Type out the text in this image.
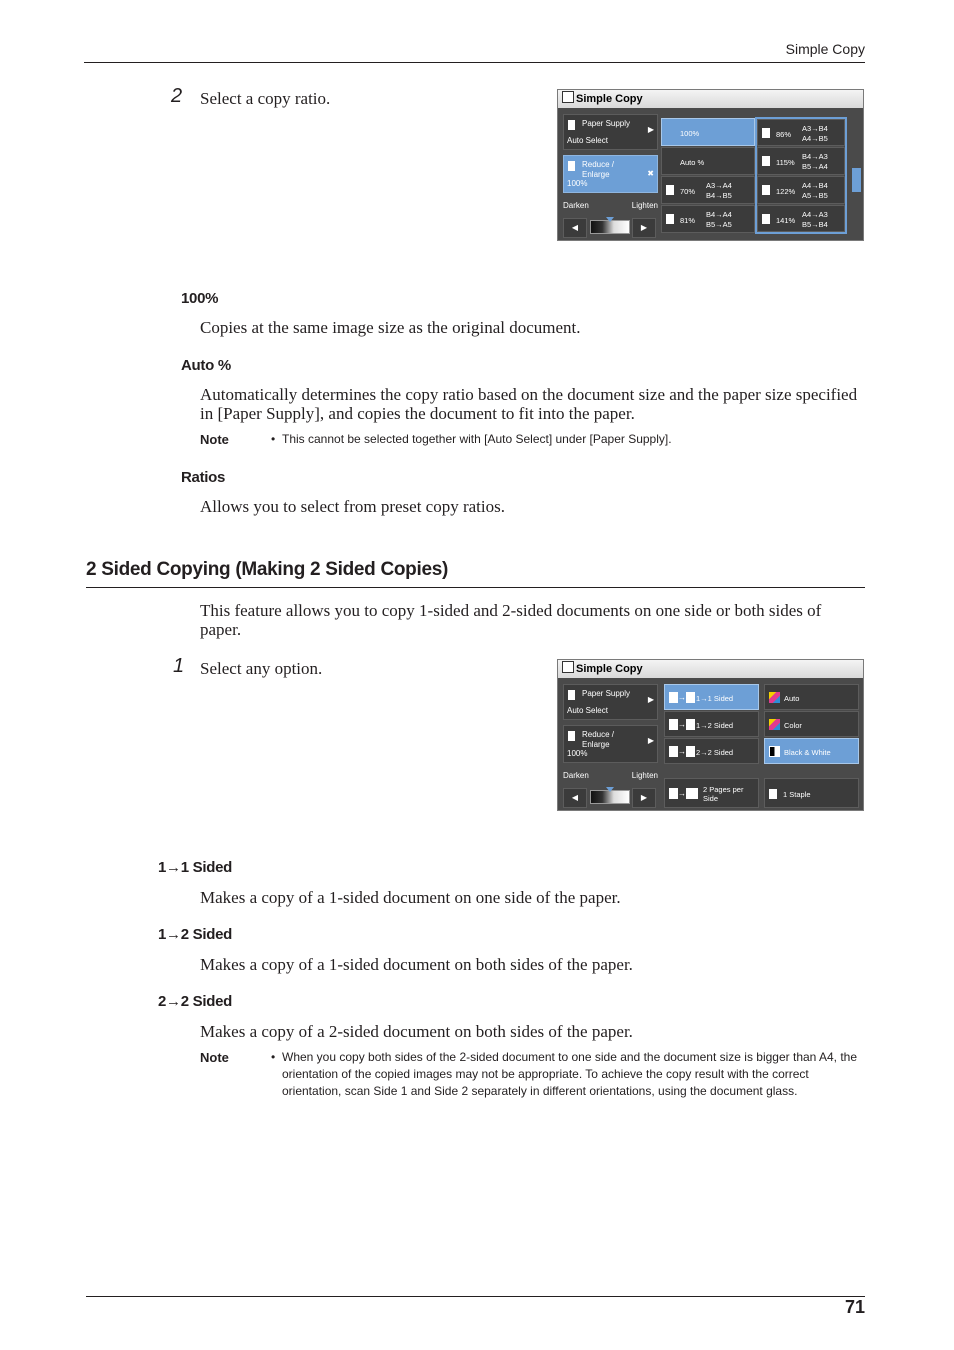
Simple Copy
2 Select a copy ratio.	Simple Copy
Paper Supply
▶
Auto Select
Reduce /
Enlarge	✖
100%
Darken	Lighten
◀	▶
100%
Auto %
70%
A3→A4
B4→B5
81%
B4→A4
B5→A5
86%
A3→B4
A4→B5
115%
B4→A3
B5→A4
122%
A4→B4
A5→B5
141%
A4→A3
B5→B4
100%
Copies at the same image size as the original document.
Auto %
Automatically determines the copy ratio based on the document size and the paper size specified in [Paper Supply], and copies the document to fit into the paper.
Note	• This cannot be selected together with [Auto Select] under [Paper Supply].
Ratios
Allows you to select from preset copy ratios.
2 Sided Copying (Making 2 Sided Copies)
This feature allows you to copy 1-sided and 2-sided documents on one side or both sides of paper.
1 Select any option.	Simple Copy
Paper Supply
▶
Auto Select
Reduce /
Enlarge	▶
100%
Darken	Lighten
◀	▶
→	1→1 Sided
→	1→2 Sided
→	2→2 Sided
Auto
Color
Black & White
→	2 Pages per
Side	1 Staple
1→1 Sided
Makes a copy of a 1-sided document on one side of the paper.
1→2 Sided
Makes a copy of a 1-sided document on both sides of the paper.
2→2 Sided
Makes a copy of a 2-sided document on both sides of the paper.
Note	• When you copy both sides of the 2-sided document to one side and the document size is bigger than A4, the orientation of the copied images may not be appropriate. To achieve the copy result with the correct orientation, scan Side 1 and Side 2 separately in different orientations, using the document glass.
71
